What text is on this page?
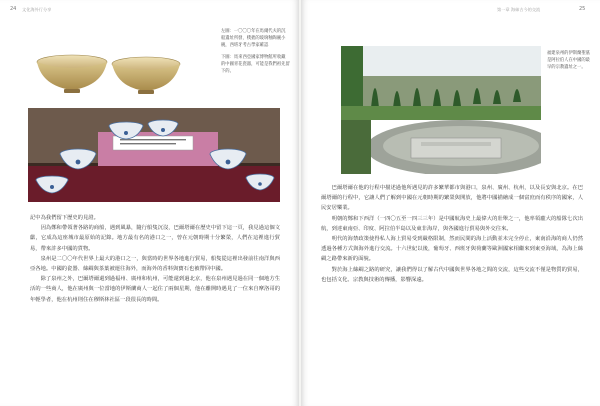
24 文化海外行分享
左圖：一〇〇〇年在馬爾代夫的沉
船遺址所發，樸拙的玻璃釉陶碗小
碗，西班牙考古學家確認
下圖：馬來西亞國家博物館所收藏
的中國青花瓷器，可能是我們祖先留下的。

記中為我們留下歷史的見證。

因為鄭和帶領著各路的商船，遇到風暴，隨行船隻沉沒，巴爾塔爾在歷史中留下這一頁，我見過這個文獻，它成為這座城市最原始的記錄。地方最有名的港口之一，曾在元朝時期十分繁榮，人們在這裡進行貿易，帶來許多中國的貨物。

泉州是二〇〇年代世界上最大的港口之一，與當時的世界各地進行貿易，船隻從這裡出發前往南洋與西亞各地。中國的瓷器、絲綢與茶葉被運往海外，而海外的香料與寶石也被帶回中國。

除了泉州之外，巴爾塔爾還到過福州、廣州和杭州，可能還到過北京，他在泉州遇見過在同一個地方生活的一些商人，他在廣州與一位當地的伊斯蘭商人一起住了兩個星期，他在離開時遇見了一位來自摩洛哥的年輕學者，他在杭州則住在穆斯林社區一段很長的時間。

第一章 海絲古今的交流	25
福建泉州的伊斯蘭聖墓
是阿拉伯人在中國的最
早的宗教遺址之一。

巴爾塔爾在他的行程中描述過他所遇見的許多繁華都市與港口，泉州、廣州、杭州，以及長安與北京。在巴爾塔爾的行程中，它讓人們了解到中國在元朝時期的繁榮與開放，他將中國描繪成一個富庶而有秩序的國家，人民安居樂業。

明朝的鄭和下西洋（一四〇五至一四三三年）是中國航海史上最偉大的壯舉之一，他率領龐大的船隊七次出航，到達東南亞、印度、阿拉伯半島以及東非海岸，與各國進行貿易與外交往來。

明代的海禁政策使得私人海上貿易受到嚴格限制，然而民間的海上活動並未完全停止，東南沿海的商人仍然透過各種方式與海外進行交流。十六世紀以後，葡萄牙、西班牙與荷蘭等歐洲國家相繼來到東亞海域，為海上絲綢之路帶來新的面貌。

對於海上絲綢之路的研究，讓我們得以了解古代中國與世界各地之間的交流，這些交流不僅是物質的貿易，也包括文化、宗教與技術的傳播，影響深遠。
